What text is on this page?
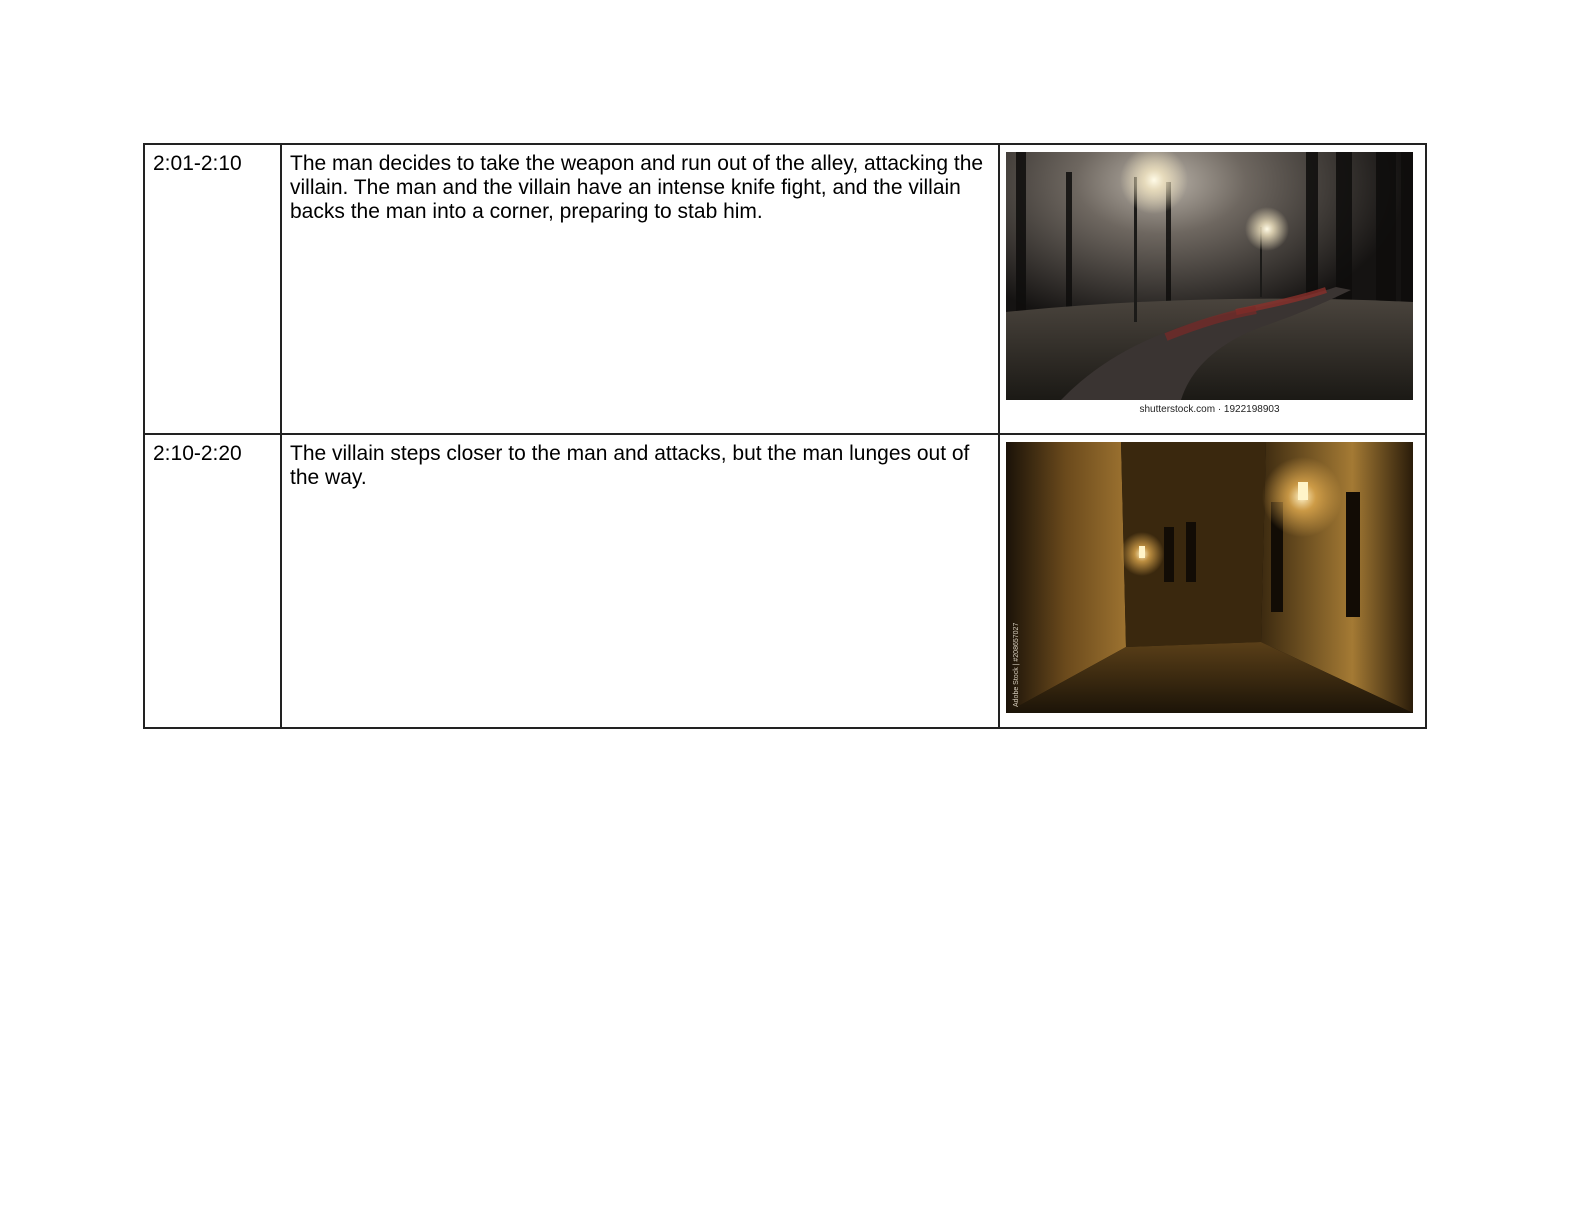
2:01-2:10	The man decides to take the weapon and run out of the alley, attacking the villain. The man and the villain have an intense knife fight, and the villain backs the man into a corner, preparing to stab him.	shutterstock.com · 1922198903

2:10-2:20	The villain steps closer to the man and attacks, but the man lunges out of the way.	Adobe Stock | #208657027
